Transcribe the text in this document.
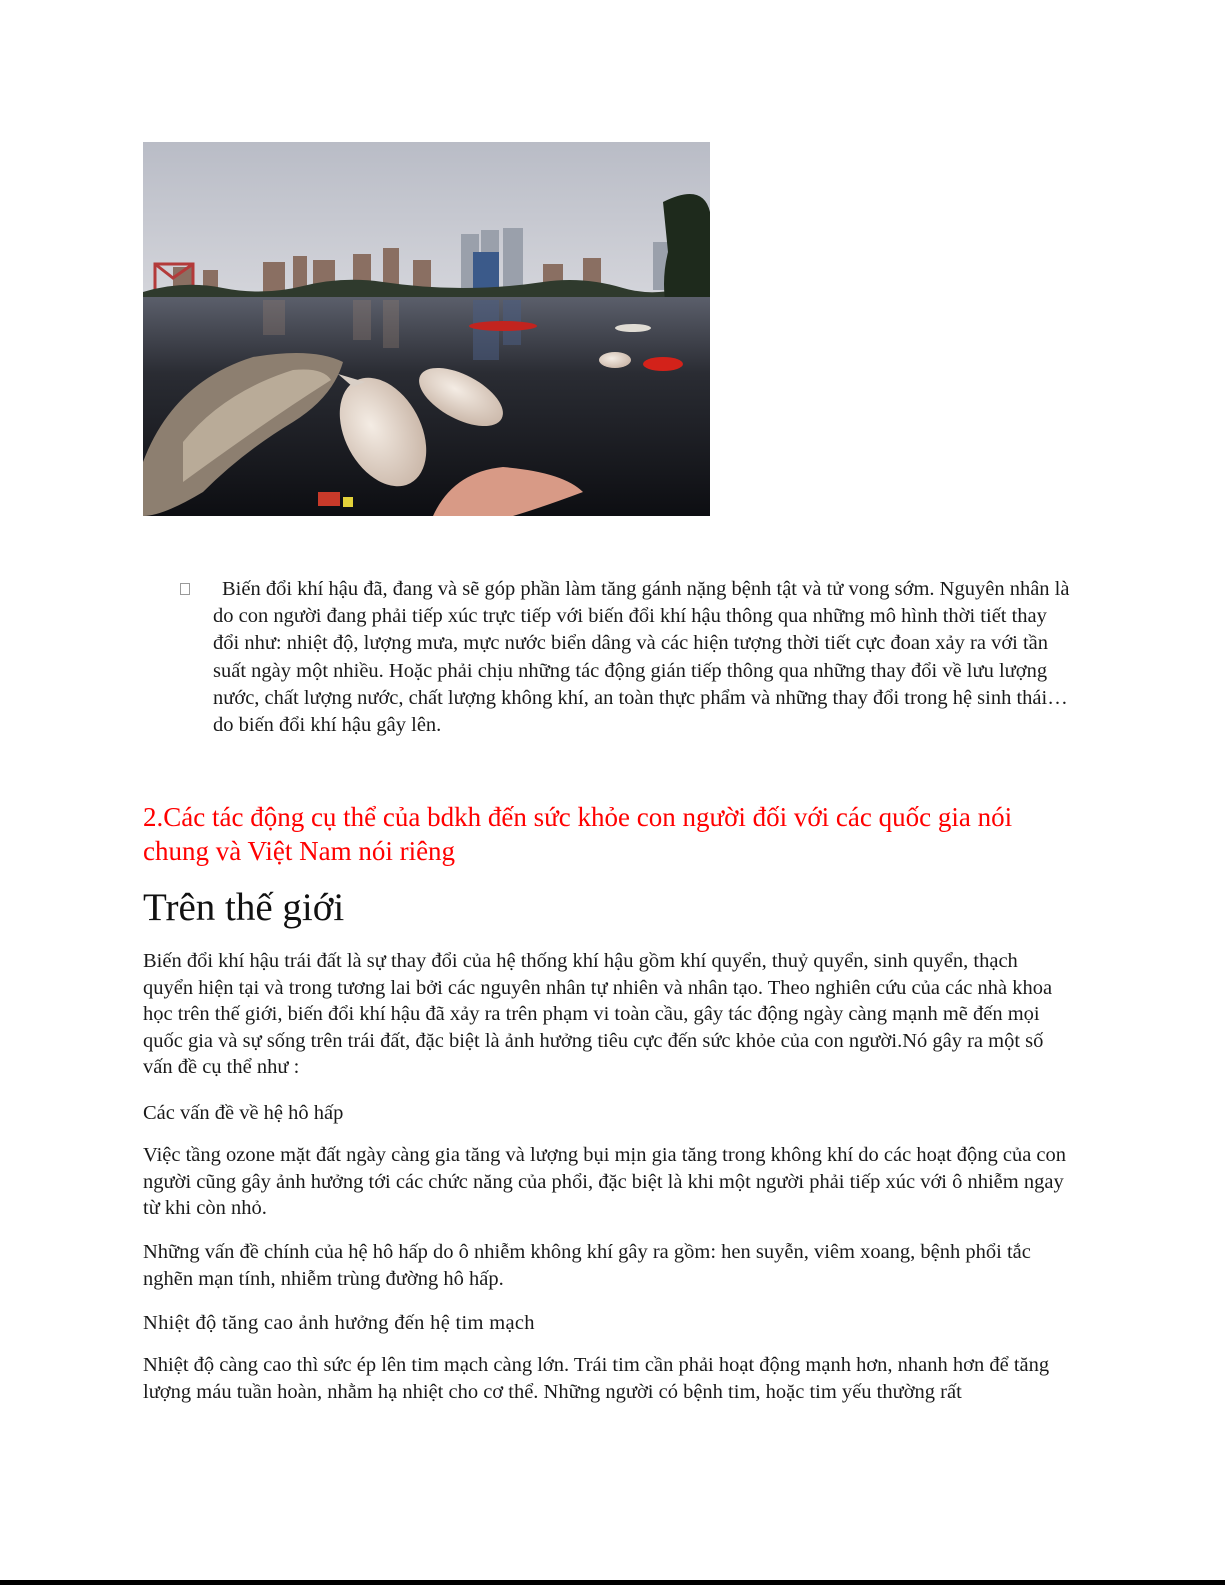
Biến đổi khí hậu đã, đang và sẽ góp phần làm tăng gánh nặng bệnh tật và tử vong sớm. Nguyên nhân là do con người đang phải tiếp xúc trực tiếp với biến đổi khí hậu thông qua những mô hình thời tiết thay đổi như: nhiệt độ, lượng mưa, mực nước biển dâng và các hiện tượng thời tiết cực đoan xảy ra với tần suất ngày một nhiều. Hoặc phải chịu những tác động gián tiếp thông qua những thay đổi về lưu lượng nước, chất lượng nước, chất lượng không khí, an toàn thực phẩm và những thay đổi trong hệ sinh thái… do biến đổi khí hậu gây lên.
2.Các tác động cụ thể của bdkh đến sức khỏe con người đối với các quốc gia nói chung và Việt Nam nói riêng
Trên thế giới
Biến đổi khí hậu trái đất là sự thay đổi của hệ thống khí hậu gồm khí quyển, thuỷ quyển, sinh quyển, thạch quyển hiện tại và trong tương lai bởi các nguyên nhân tự nhiên và nhân tạo. Theo nghiên cứu của các nhà khoa học trên thế giới, biến đổi khí hậu đã xảy ra trên phạm vi toàn cầu, gây tác động ngày càng mạnh mẽ đến mọi quốc gia và sự sống trên trái đất, đặc biệt là ảnh hưởng tiêu cực đến sức khỏe của con người.Nó gây ra một số vấn đề cụ thể như :
Các vấn đề về hệ hô hấp
Việc tầng ozone mặt đất ngày càng gia tăng và lượng bụi mịn gia tăng trong không khí do các hoạt động của con người cũng gây ảnh hưởng tới các chức năng của phổi, đặc biệt là khi một người phải tiếp xúc với ô nhiễm ngay từ khi còn nhỏ.
Những vấn đề chính của hệ hô hấp do ô nhiễm không khí gây ra gồm: hen suyễn, viêm xoang, bệnh phổi tắc nghẽn mạn tính, nhiễm trùng đường hô hấp.
Nhiệt độ tăng cao ảnh hưởng đến hệ tim mạch
Nhiệt độ càng cao thì sức ép lên tim mạch càng lớn. Trái tim cần phải hoạt động mạnh hơn, nhanh hơn để tăng lượng máu tuần hoàn, nhằm hạ nhiệt cho cơ thể. Những người có bệnh tim, hoặc tim yếu thường rất
